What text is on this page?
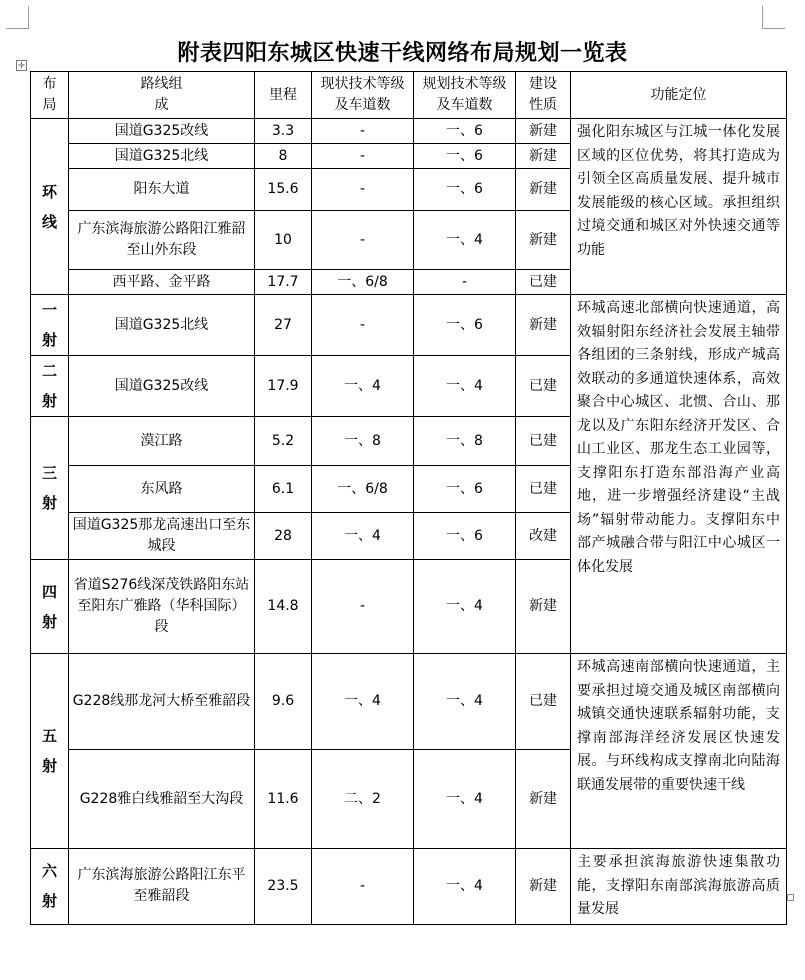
附表四阳东城区快速干线网络布局规划一览表
✛
布局	路线组成	里程	现状技术等级及车道数	规划技术等级及车道数	建设性质	功能定位

环线	国道G325改线	3.3	-	一、6	新建	强化阳东城区与江城一体化发展区域的区位优势，将其打造成为引领全区高质量发展、提升城市发展能级的核心区域。承担组织过境交通和城区对外快速交通等功能
	国道G325北线	8	-	一、6	新建	
	阳东大道	15.6	-	一、6	新建	
	广东滨海旅游公路阳江雅韶至山外东段	10	-	一、4	新建	
	西平路、金平路	17.7	一、6/8	-	已建	

一射	国道G325北线	27	-	一、6	新建	环城高速北部横向快速通道，高效辐射阳东经济社会发展主轴带各组团的三条射线，形成产城高效联动的多通道快速体系，高效聚合中心城区、北惯、合山、那龙以及广东阳东经济开发区、合山工业区、那龙生态工业园等，支撑阳东打造东部沿海产业高地，进一步增强经济建设“主战场”辐射带动能力。支撑阳东中部产城融合带与阳江中心城区一体化发展

二射	国道G325改线	17.9	一、4	一、4	已建	

三射	漠江路	5.2	一、8	一、8	已建	
	东风路	6.1	一、6/8	一、6	已建	
	国道G325那龙高速出口至东城段	28	一、4	一、6	改建	

四射	省道S276线深茂铁路阳东站至阳东广雅路（华科国际）段	14.8	-	一、4	新建	

五射	G228线那龙河大桥至雅韶段	9.6	一、4	一、4	已建	环城高速南部横向快速通道，主要承担过境交通及城区南部横向城镇交通快速联系辐射功能，支撑南部海洋经济发展区快速发展。与环线构成支撑南北向陆海联通发展带的重要快速干线
	G228雅白线雅韶至大沟段	11.6	二、2	一、4	新建	

六射	广东滨海旅游公路阳江东平至雅韶段	23.5	-	一、4	新建	主要承担滨海旅游快速集散功能，支撑阳东南部滨海旅游高质量发展
